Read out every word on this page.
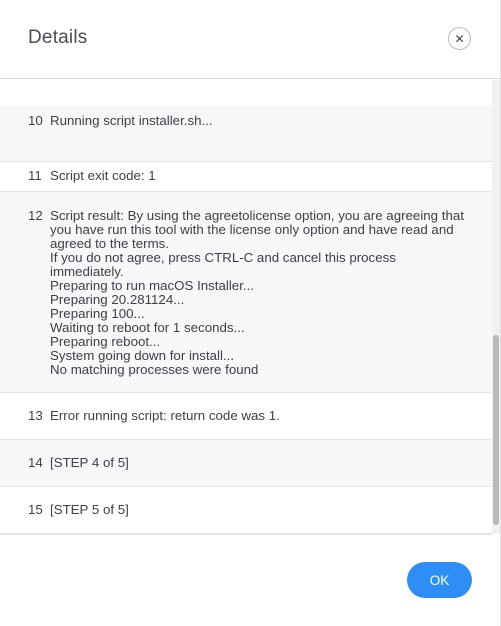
Details	✕
10 Running script installer.sh...
11 Script exit code: 1
12 Script result: By using the agreetolicense option, you are agreeing that you have run this tool with the license only option and have read and agreed to the terms.
If you do not agree, press CTRL-C and cancel this process immediately.
Preparing to run macOS Installer...
Preparing 20.281124...
Preparing 100...
Waiting to reboot for 1 seconds...
Preparing reboot...
System going down for install...
No matching processes were found
13 Error running script: return code was 1.
14 [STEP 4 of 5]
15 [STEP 5 of 5]
OK
